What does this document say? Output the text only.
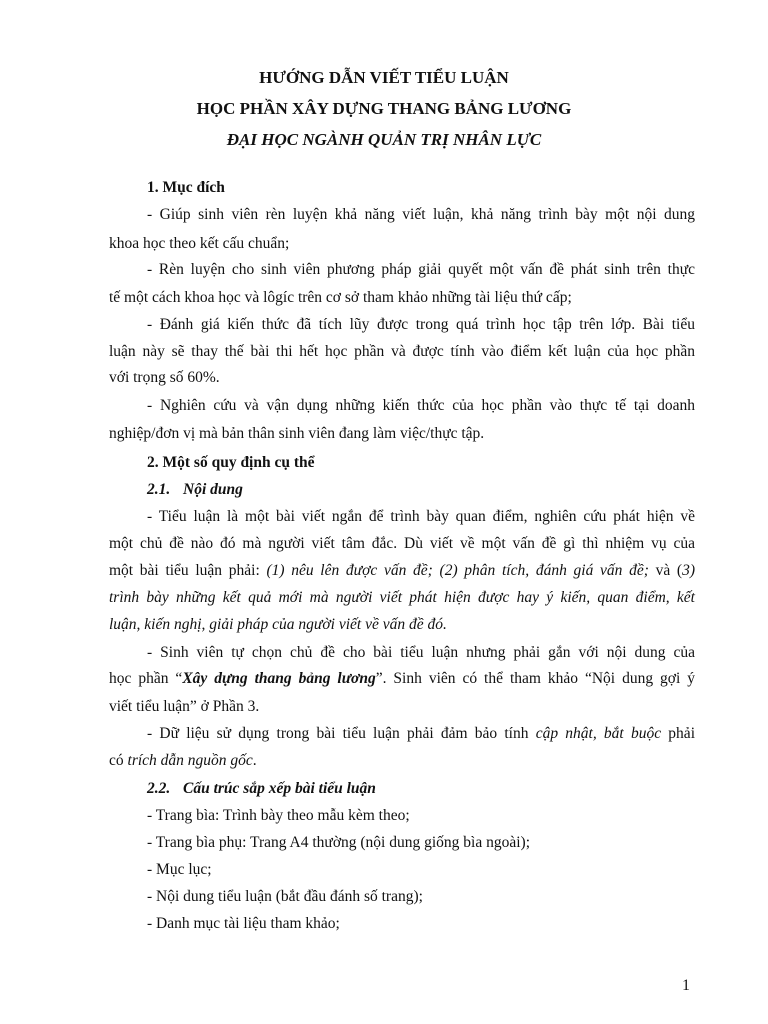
HƯỚNG DẪN VIẾT TIỂU LUẬN
HỌC PHẦN XÂY DỰNG THANG BẢNG LƯƠNG
ĐẠI HỌC NGÀNH QUẢN TRỊ NHÂN LỰC
1. Mục đích
- Giúp sinh viên rèn luyện khả năng viết luận, khả năng trình bày một nội dung
khoa học theo kết cấu chuẩn;
- Rèn luyện cho sinh viên phương pháp giải quyết một vấn đề phát sinh trên thực
tế một cách khoa học và lôgíc trên cơ sở tham khảo những tài liệu thứ cấp;
- Đánh giá kiến thức đã tích lũy được trong quá trình học tập trên lớp. Bài tiểu
luận này sẽ thay thế bài thi hết học phần và được tính vào điểm kết luận của học phần
với trọng số 60%.
- Nghiên cứu và vận dụng những kiến thức của học phần vào thực tế tại doanh
nghiệp/đơn vị mà bản thân sinh viên đang làm việc/thực tập.
2. Một số quy định cụ thể
2.1. Nội dung
- Tiểu luận là một bài viết ngắn để trình bày quan điểm, nghiên cứu phát hiện về
một chủ đề nào đó mà người viết tâm đắc. Dù viết về một vấn đề gì thì nhiệm vụ của
một bài tiểu luận phải: (1) nêu lên được vấn đề; (2) phân tích, đánh giá vấn đề; và (3)
trình bày những kết quả mới mà người viết phát hiện được hay ý kiến, quan điểm, kết
luận, kiến nghị, giải pháp của người viết về vấn đề đó.
- Sinh viên tự chọn chủ đề cho bài tiểu luận nhưng phải gắn với nội dung của
học phần “Xây dựng thang bảng lương”. Sinh viên có thể tham khảo “Nội dung gợi ý
viết tiểu luận” ở Phần 3.
- Dữ liệu sử dụng trong bài tiểu luận phải đảm bảo tính cập nhật, bắt buộc phải
có trích dẫn nguồn gốc.
2.2. Cấu trúc sắp xếp bài tiểu luận
- Trang bìa: Trình bày theo mẫu kèm theo;
- Trang bìa phụ: Trang A4 thường (nội dung giống bìa ngoài);
- Mục lục;
- Nội dung tiểu luận (bắt đầu đánh số trang);
- Danh mục tài liệu tham khảo;
1
